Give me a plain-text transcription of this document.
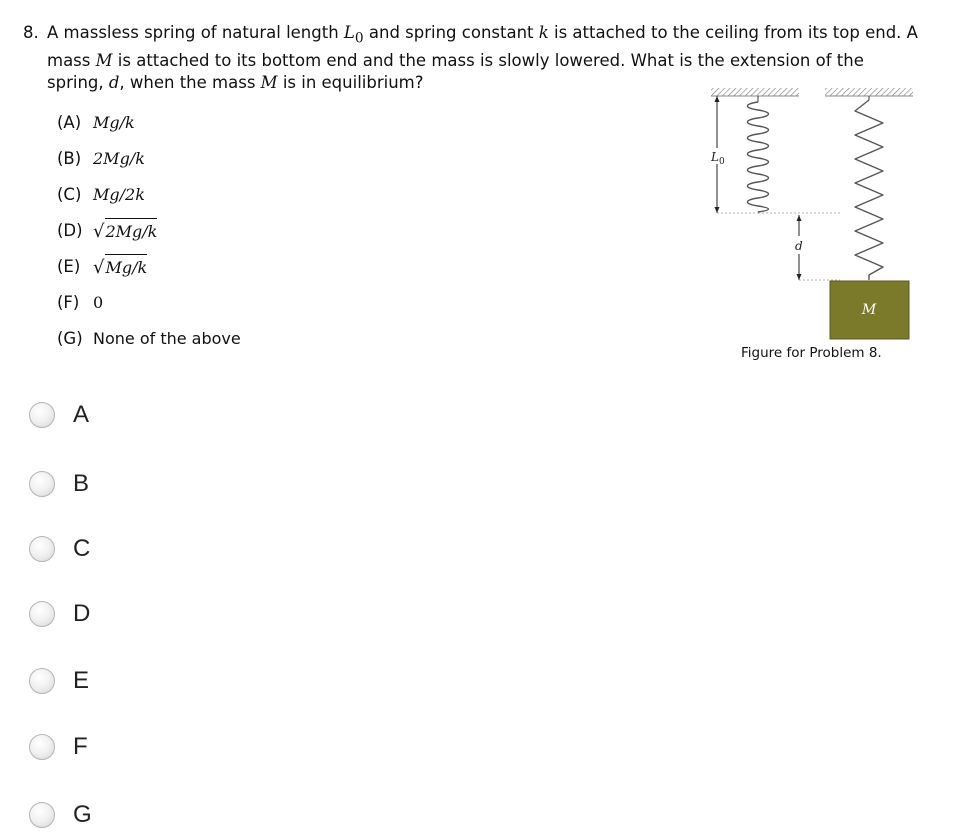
8. A massless spring of natural length $L_0$ and spring constant k is attached to the ceiling from its top end. A mass M is attached to its bottom end and the mass is slowly lowered. What is the extension of the spring, d, when the mass M is in equilibrium?
(A) Mg/k
(B) 2Mg/k
(C) Mg/2k
(D) √ 2Mg/k
(E) √ Mg/k
(F) 0
(G) None of the above
L 0
d
M
Figure for Problem 8.
A
B
C
D
E
F
G
